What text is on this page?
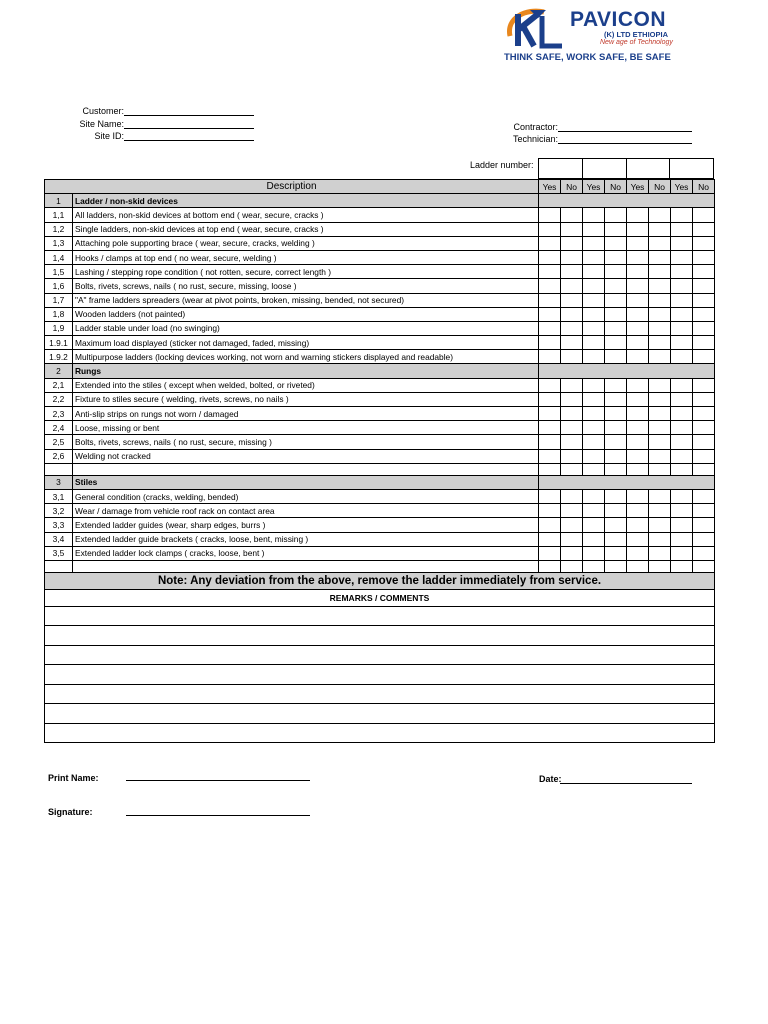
PAVICON
(K) LTD ETHIOPIA
New age of Technology
THINK SAFE, WORK SAFE, BE SAFE
Customer:
Site Name:
Site ID:
Contractor:
Technician:
Ladder number:
Description		Yes	No	Yes	No	Yes	No	Yes	No
1	Ladder / non-skid devices								
1,1	All ladders, non-skid devices at bottom end ( wear, secure, cracks )								
1,2	Single ladders, non-skid devices at top end ( wear, secure, cracks )								
1,3	Attaching pole supporting brace ( wear, secure, cracks, welding )								
1,4	Hooks / clamps at top end ( no wear, secure, welding )								
1,5	Lashing / stepping rope condition ( not rotten, secure, correct length )								
1,6	Bolts, rivets, screws, nails ( no rust, secure, missing, loose )								
1,7	"A" frame ladders spreaders (wear at pivot points, broken, missing, bended, not secured)								
1,8	Wooden ladders (not painted)								
1,9	Ladder stable under load (no swinging)								
1.9.1	Maximum load displayed (sticker not damaged, faded, missing)								
1.9.2	Multipurpose ladders (locking devices working, not worn and warning stickers displayed and readable)								
2	Rungs								
2,1	Extended into the stiles ( except when welded, bolted, or riveted)								
2,2	Fixture to stiles secure ( welding, rivets, screws, no nails )								
2,3	Anti-slip strips on rungs not worn / damaged								
2,4	Loose, missing or bent								
2,5	Bolts, rivets, screws, nails ( no rust, secure, missing )								
2,6	Welding not cracked								

3	Stiles								
3,1	General condition (cracks, welding, bended)								
3,2	Wear / damage from vehicle roof rack on contact area								
3,3	Extended ladder guides (wear, sharp edges, burrs )								
3,4	Extended ladder guide brackets ( cracks, loose, bent, missing )								
3,5	Extended ladder lock clamps ( cracks, loose, bent )								

Note: Any deviation from the above, remove the ladder immediately from service.									
REMARKS / COMMENTS									

Print Name:
Signature:
Date:
